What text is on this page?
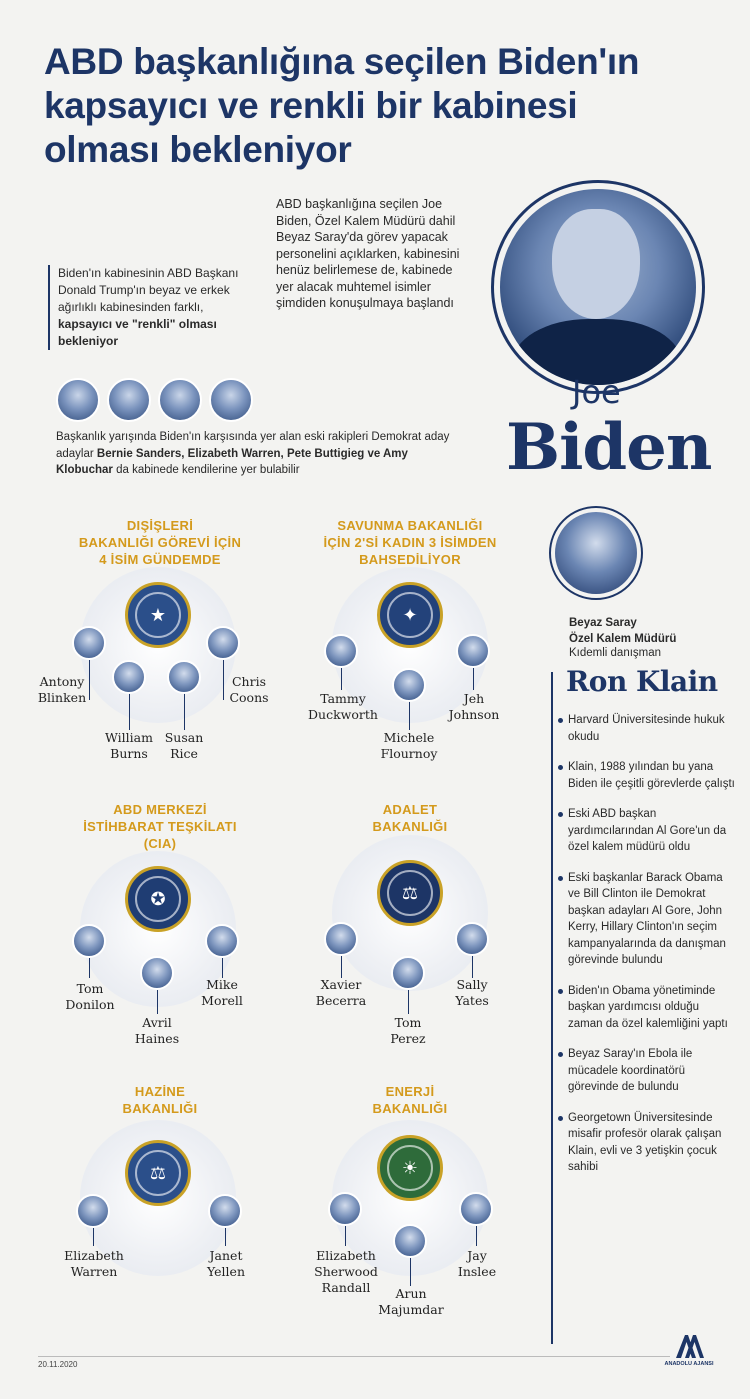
ABD başkanlığına seçilen Biden'ın kapsayıcı ve renkli bir kabinesi olması bekleniyor
ABD başkanlığına seçilen Joe Biden, Özel Kalem Müdürü dahil Beyaz Saray'da görev yapacak personelini açıklarken, kabinesini henüz belirlemese de, kabinede yer alacak muhtemel isimler şimdiden konuşulmaya başlandı
Biden'ın kabinesinin ABD Başkanı Donald Trump'ın beyaz ve erkek ağırlıklı kabinesinden farklı, kapsayıcı ve "renkli" olması bekleniyor
Joe
Biden
Başkanlık yarışında Biden'ın karşısında yer alan eski rakipleri Demokrat aday adaylar Bernie Sanders, Elizabeth Warren, Pete Buttigieg ve Amy Klobuchar da kabinede kendilerine yer bulabilir
DIŞİŞLERİ
BAKANLIĞI GÖREVİ İÇİN
4 İSİM GÜNDEMDE
★
Antony
Blinken
William
Burns
Susan
Rice
Chris
Coons
SAVUNMA BAKANLIĞI
İÇİN 2'Sİ KADIN 3 İSİMDEN
BAHSEDİLİYOR
✦
Tammy
Duckworth
Michele
Flournoy
Jeh
Johnson
ABD MERKEZİ
İSTİHBARAT TEŞKİLATI
(CIA)
✪
Tom
Donilon
Avril
Haines
Mike
Morell
ADALET
BAKANLIĞI
⚖
Xavier
Becerra
Tom
Perez
Sally
Yates
HAZİNE
BAKANLIĞI
⚖
Elizabeth
Warren
Janet
Yellen
ENERJİ
BAKANLIĞI
☀
Elizabeth
Sherwood
Randall	Arun
Majumdar
Jay
Inslee
Beyaz Saray
Özel Kalem Müdürü
Kıdemli danışman
Ron Klain
Harvard Üniversitesinde hukuk okudu
Klain, 1988 yılından bu yana Biden ile çeşitli görevlerde çalıştı
Eski ABD başkan yardımcılarından Al Gore'un da özel kalem müdürü oldu
Eski başkanlar Barack Obama ve Bill Clinton ile Demokrat başkan adayları Al Gore, John Kerry, Hillary Clinton'ın seçim kampanyalarında da danışman görevinde bulundu
Biden'ın Obama yönetiminde başkan yardımcısı olduğu zaman da özel kalemliğini yaptı
Beyaz Saray'ın Ebola ile mücadele koordinatörü görevinde de bulundu
Georgetown Üniversitesinde misafir profesör olarak çalışan Klain, evli ve 3 yetişkin çocuk sahibi
20.11.2020	ANADOLU AJANSI
